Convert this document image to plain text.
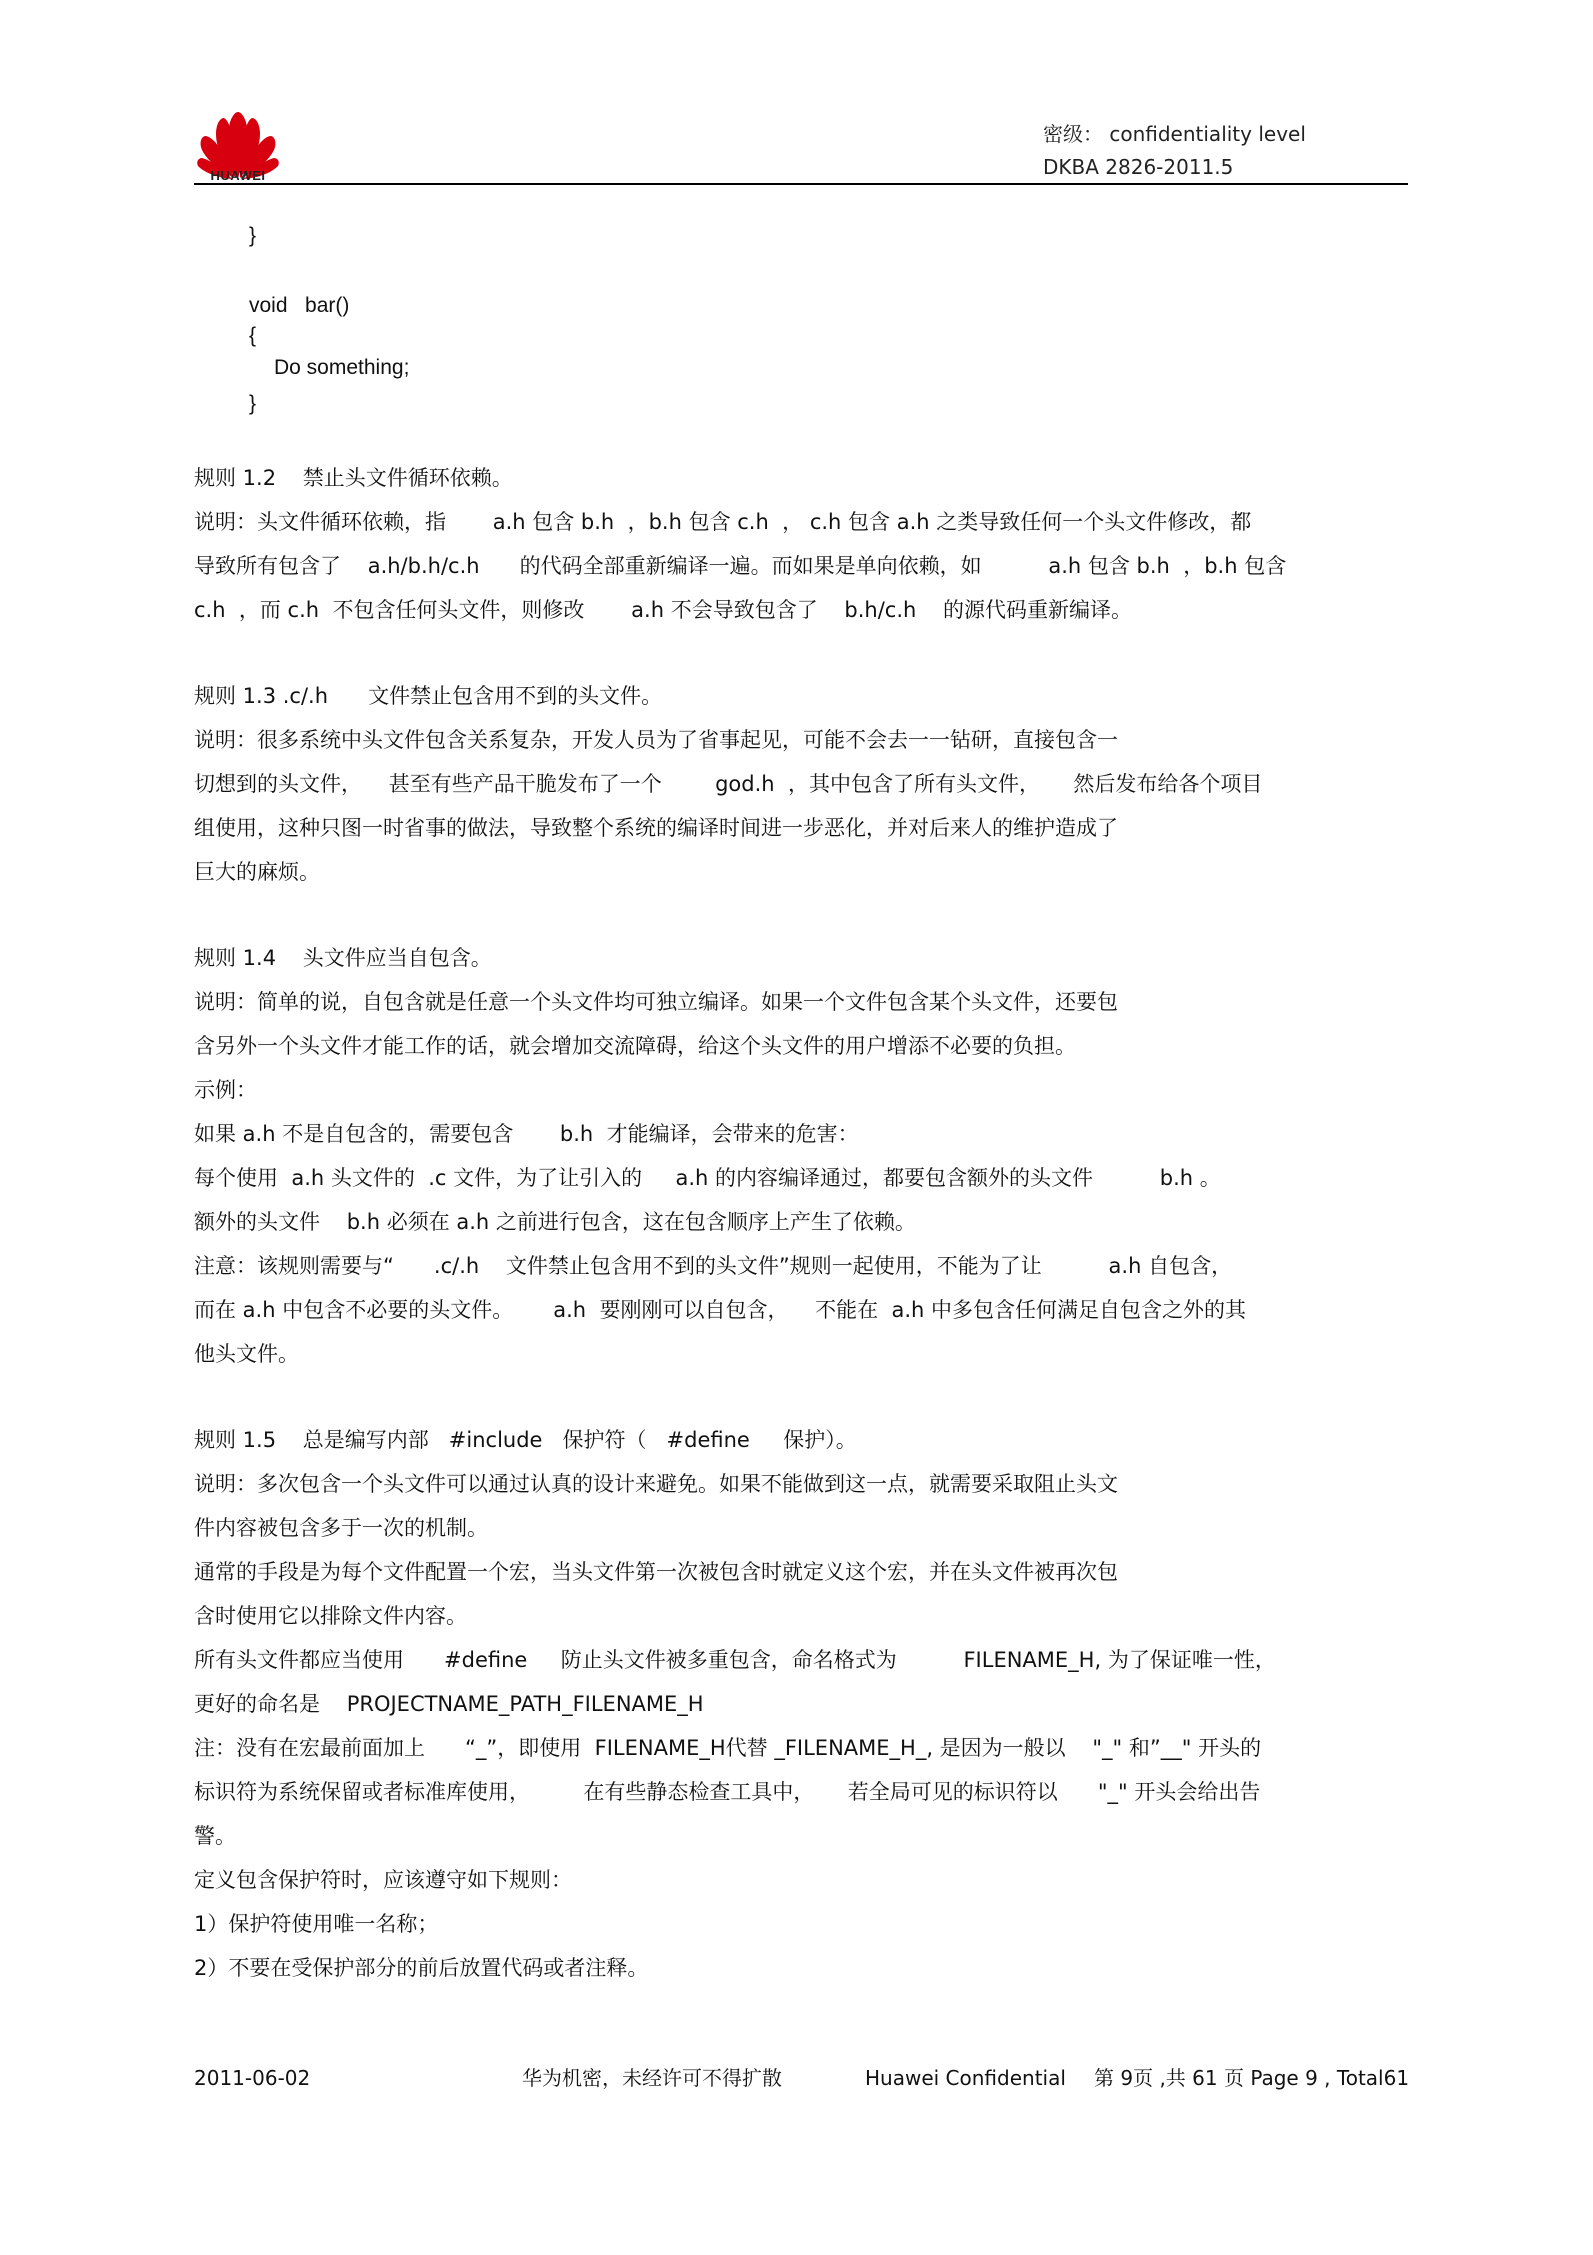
HUAWEI
密级： confidentiality level
DKBA 2826-2011.5
}
void   bar()
{
Do something;
}
规则 1.2    禁止头文件循环依赖。
说明：头文件循环依赖，指       a.h 包含 b.h  ，b.h 包含 c.h  ， c.h 包含 a.h 之类导致任何一个头文件修改，都
导致所有包含了    a.h/b.h/c.h      的代码全部重新编译一遍。而如果是单向依赖，如          a.h 包含 b.h  ，b.h 包含
c.h  ，而 c.h  不包含任何头文件，则修改       a.h 不会导致包含了    b.h/c.h    的源代码重新编译。
规则 1.3 .c/.h      文件禁止包含用不到的头文件。
说明：很多系统中头文件包含关系复杂，开发人员为了省事起见，可能不会去一一钻研，直接包含一
切想到的头文件，    甚至有些产品干脆发布了一个        god.h  ，其中包含了所有头文件，     然后发布给各个项目
组使用，这种只图一时省事的做法，导致整个系统的编译时间进一步恶化，并对后来人的维护造成了
巨大的麻烦。
规则 1.4    头文件应当自包含。
说明：简单的说，自包含就是任意一个头文件均可独立编译。如果一个文件包含某个头文件，还要包
含另外一个头文件才能工作的话，就会增加交流障碍，给这个头文件的用户增添不必要的负担。
示例：
如果 a.h 不是自包含的，需要包含       b.h  才能编译，会带来的危害：
每个使用  a.h 头文件的  .c 文件，为了让引入的     a.h 的内容编译通过，都要包含额外的头文件          b.h 。
额外的头文件    b.h 必须在 a.h 之前进行包含，这在包含顺序上产生了依赖。
注意：该规则需要与“      .c/.h    文件禁止包含用不到的头文件”规则一起使用，不能为了让          a.h 自包含，
而在 a.h 中包含不必要的头文件。      a.h  要刚刚可以自包含，    不能在  a.h 中多包含任何满足自包含之外的其
他头文件。
规则 1.5    总是编写内部   #include   保护符（   #define     保护）。
说明：多次包含一个头文件可以通过认真的设计来避免。如果不能做到这一点，就需要采取阻止头文
件内容被包含多于一次的机制。
通常的手段是为每个文件配置一个宏，当头文件第一次被包含时就定义这个宏，并在头文件被再次包
含时使用它以排除文件内容。
所有头文件都应当使用      #define     防止头文件被多重包含，命名格式为          FILENAME_H, 为了保证唯一性，
更好的命名是    PROJECTNAME_PATH_FILENAME_H
注：没有在宏最前面加上      “_”，即使用  FILENAME_H代替 _FILENAME_H_, 是因为一般以    "_" 和”__" 开头的
标识符为系统保留或者标准库使用，        在有些静态检查工具中，     若全局可见的标识符以      "_" 开头会给出告
警。
定义包含保护符时，应该遵守如下规则：
1）保护符使用唯一名称；
2）不要在受保护部分的前后放置代码或者注释。
2011-06-02	华为机密，未经许可不得扩散	Huawei Confidential 第 9页 ,共 61 页 Page 9 , Total61
